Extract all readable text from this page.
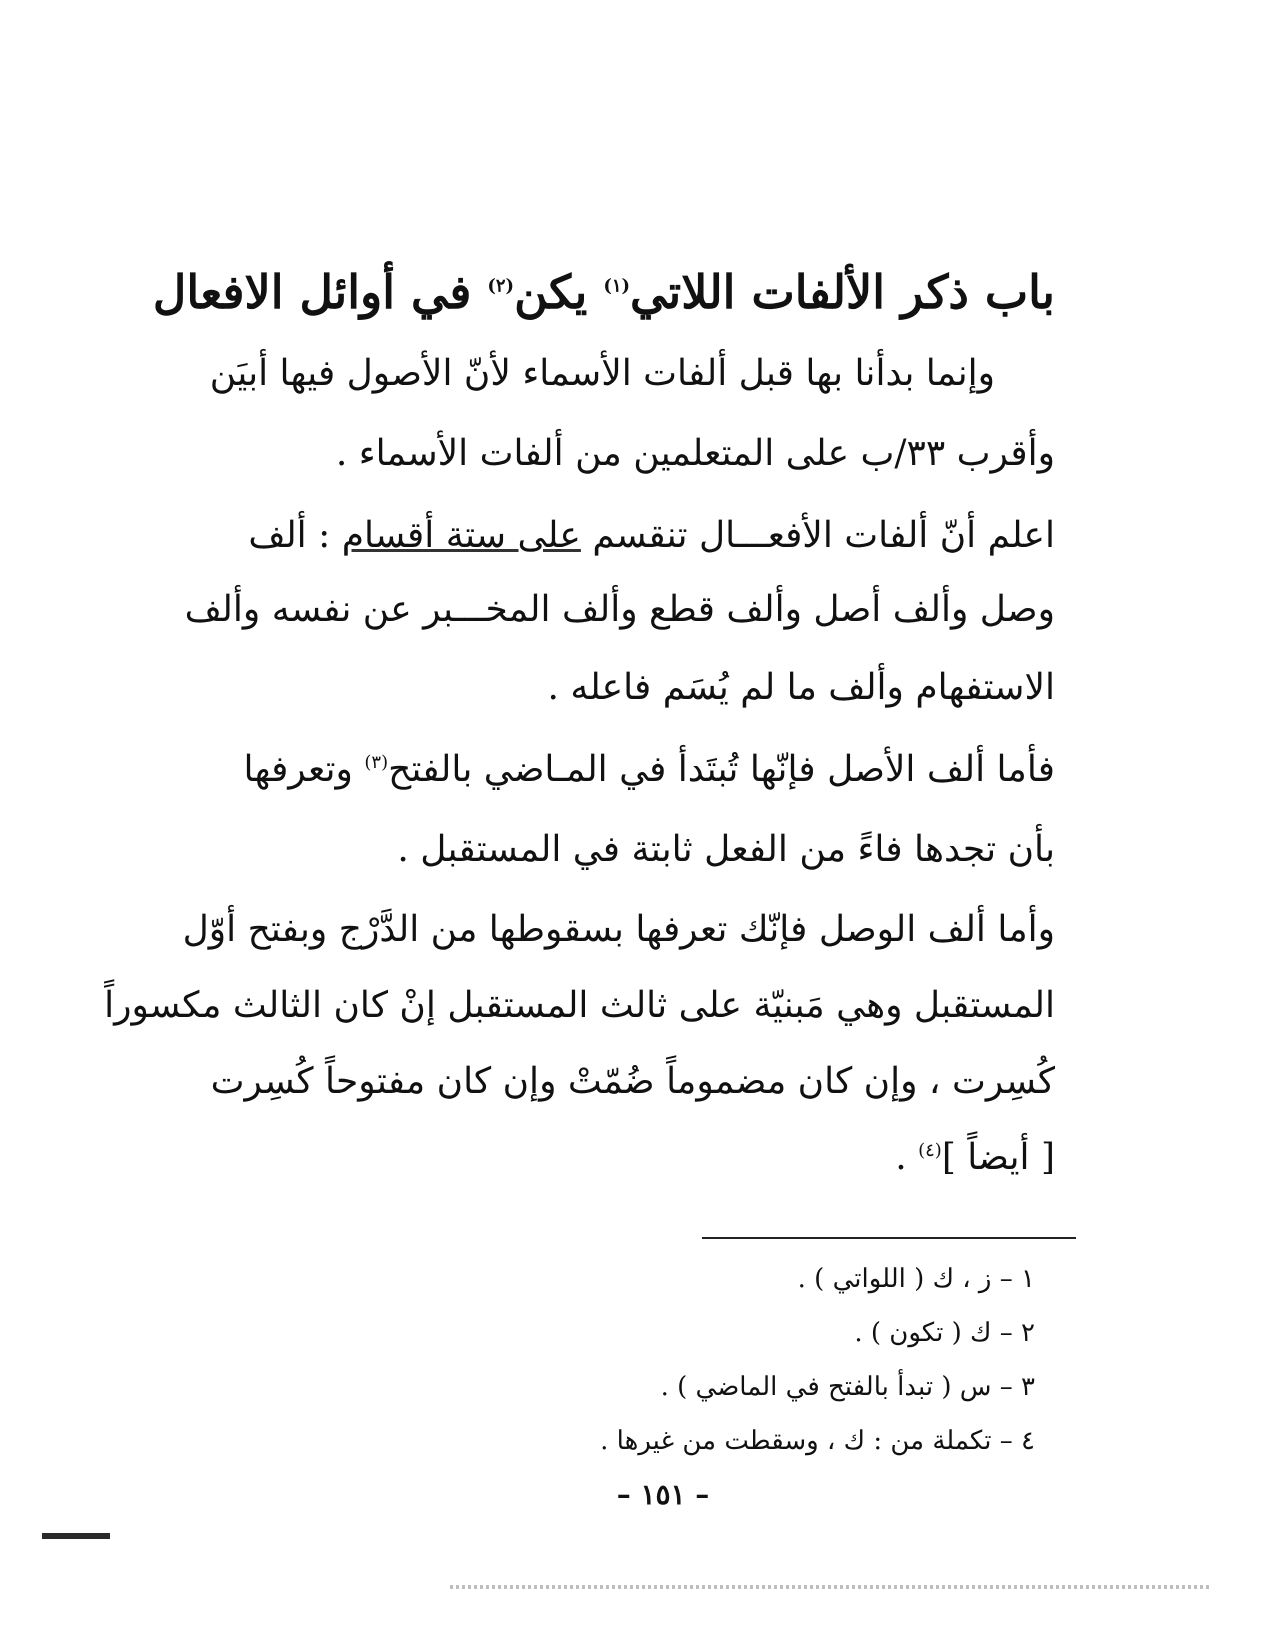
باب ذكر الألفات اللاتي$^{(١)}$ يكن$^{(٢)}$ في أوائل الافعال
وإنما بدأنا بها قبل ألفات الأسماء لأنّ الأصول فيها أبيَن
وأقرب ٣٣/ب على المتعلمين من ألفات الأسماء .
اعلم أنّ ألفات الأفعـــال تنقسم على ستة أقسام : ألف
وصل وألف أصل وألف قطع وألف المخـــبر عن نفسه وألف
الاستفهام وألف ما لم يُسَم فاعله .
فأما ألف الأصل فإنّها تُبتَدأ في المـاضي بالفتح$^{(٣)}$ وتعرفها
بأن تجدها فاءً من الفعل ثابتة في المستقبل .
وأما ألف الوصل فإنّك تعرفها بسقوطها من الدَّرْج وبفتح أوّل
المستقبل وهي مَبنيّة على ثالث المستقبل إنْ كان الثالث مكسوراً
كُسِرت ، وإن كان مضموماً ضُمّتْ وإن كان مفتوحاً كُسِرت
[ أيضاً ]$^{(٤)}$ .
١ – ز ، ك ( اللواتي ) .
٢ – ك ( تكون ) .
٣ – س ( تبدأ بالفتح في الماضي ) .
٤ – تكملة من : ك ، وسقطت من غيرها .
– ١٥١ –
